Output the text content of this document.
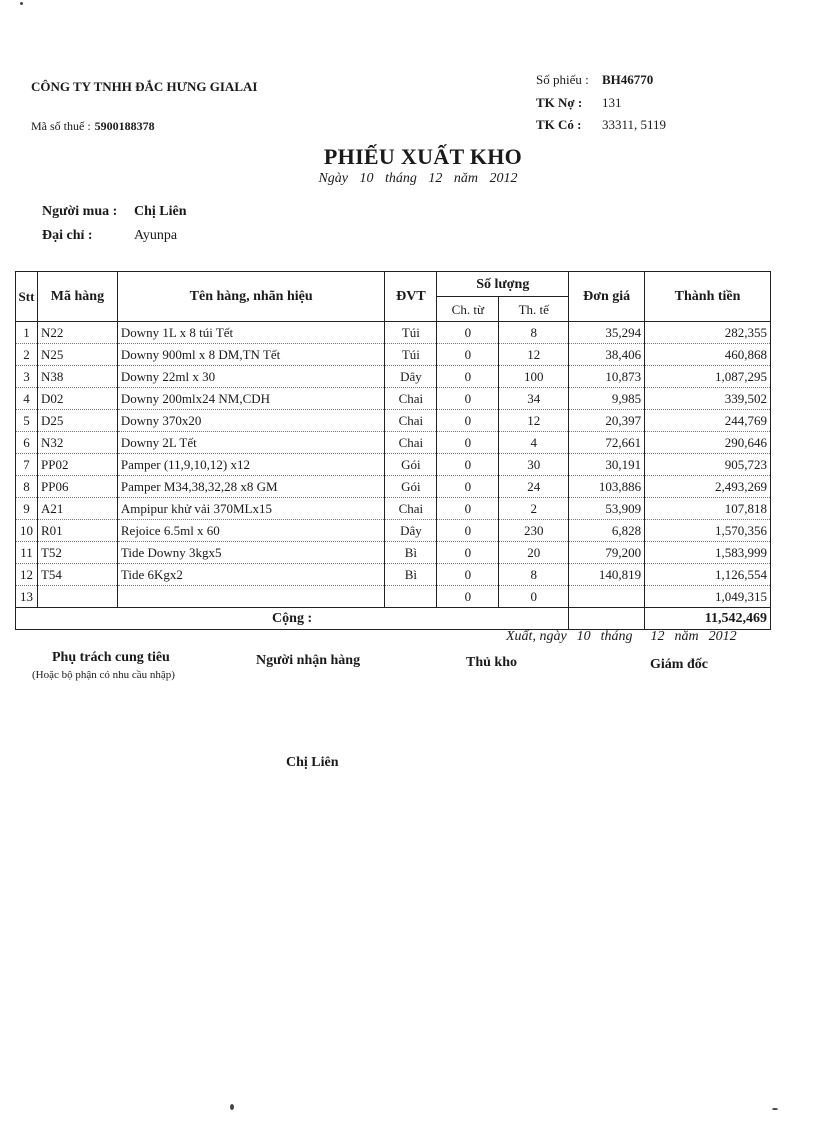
CÔNG TY TNHH ĐẮC HƯNG GIALAI
Mã số thuế : 5900188378
Số phiếu : BH46770
TK Nợ : 131
TK Có : 33311, 5119
PHIẾU XUẤT KHO
Ngày 10 tháng 12 năm 2012
Người mua : Chị Liên
Đại chỉ :	Ayunpa
Stt	Mã hàng	Tên hàng, nhãn hiệu	ĐVT	Số lượng		Đơn giá	Thành tiền
				Ch. từ	Th. tế		
1	N22	Downy 1L x 8 túi Tết	Túi	0	8	35,294	282,355
2	N25	Downy 900ml x 8 DM,TN Tết	Túi	0	12	38,406	460,868
3	N38	Downy 22ml x 30	Dây	0	100	10,873	1,087,295
4	D02	Downy 200mlx24 NM,CDH	Chai	0	34	9,985	339,502
5	D25	Downy 370x20	Chai	0	12	20,397	244,769
6	N32	Downy 2L Tết	Chai	0	4	72,661	290,646
7	PP02	Pamper (11,9,10,12) x12	Gói	0	30	30,191	905,723
8	PP06	Pamper M34,38,32,28 x8 GM	Gói	0	24	103,886	2,493,269
9	A21	Ampipur khử vải 370MLx15	Chai	0	2	53,909	107,818
10	R01	Rejoice 6.5ml x 60	Dây	0	230	6,828	1,570,356
11	T52	Tide Downy 3kgx5	Bì	0	20	79,200	1,583,999
12	T54	Tide 6Kgx2	Bì	0	8	140,819	1,126,554
13				0	0		1,049,315
Cộng :							11,542,469
Xuất, ngày 10 tháng 12 năm 2012
Phụ trách cung tiêu
(Hoặc bộ phận có nhu cầu nhập)
Người nhận hàng	Thủ kho	Giám đốc
Chị Liên
